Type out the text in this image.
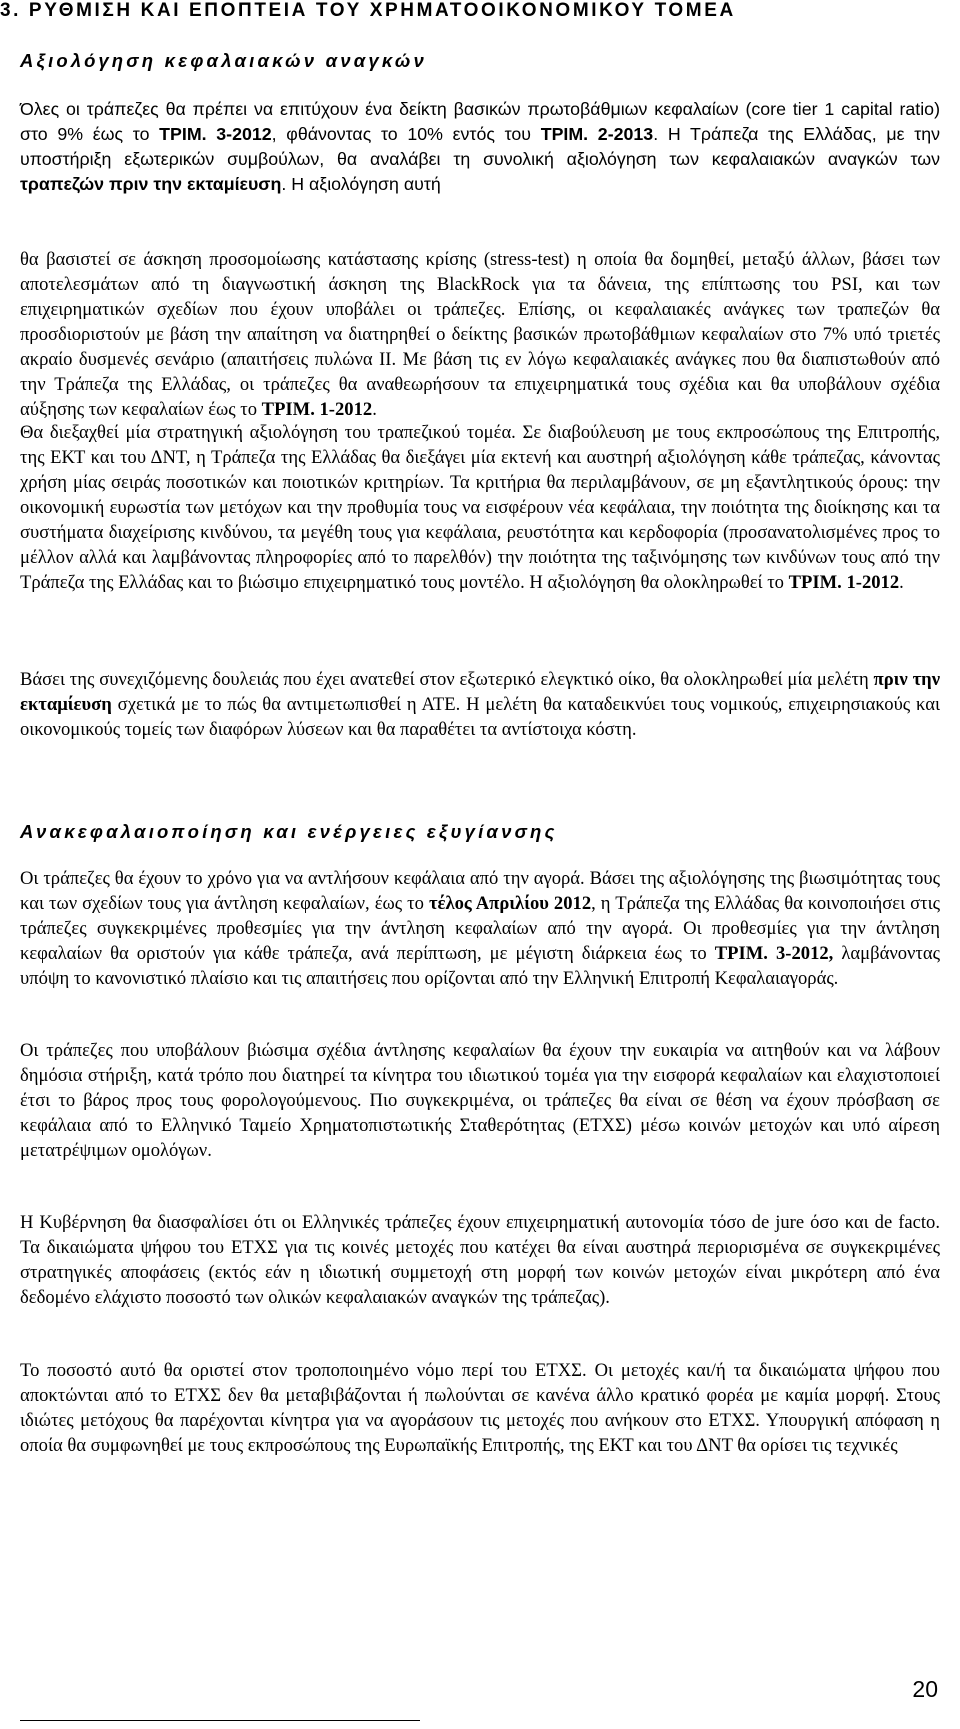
3. ΡΥΘΜΙΣΗ ΚΑΙ ΕΠΟΠΤΕΙΑ ΤΟΥ ΧΡΗΜΑΤΟΟΙΚΟΝΟΜΙΚΟΥ ΤΟΜΕΑ
Αξιολόγηση κεφαλαιακών αναγκών

Όλες οι τράπεζες θα πρέπει να επιτύχουν ένα δείκτη βασικών πρωτοβάθμιων κεφαλαίων (core tier 1 capital ratio) στο 9% έως το ΤΡΙΜ. 3-2012, φθάνοντας το 10% εντός του ΤΡΙΜ. 2-2013. Η Τράπεζα της Ελλάδας, με την υποστήριξη εξωτερικών συμβούλων, θα αναλάβει τη συνολική αξιολόγηση των κεφαλαιακών αναγκών των τραπεζών πριν την εκταμίευση. Η αξιολόγηση αυτή

θα βασιστεί σε άσκηση προσομοίωσης κατάστασης κρίσης (stress-test) η οποία θα δομηθεί, μεταξύ άλλων, βάσει των αποτελεσμάτων από τη διαγνωστική άσκηση της BlackRock για τα δάνεια, της επίπτωσης του PSI, και των επιχειρηματικών σχεδίων που έχουν υποβάλει οι τράπεζες. Επίσης, οι κεφαλαιακές ανάγκες των τραπεζών θα προσδιοριστούν με βάση την απαίτηση να διατηρηθεί ο δείκτης βασικών πρωτοβάθμιων κεφαλαίων στο 7% υπό τριετές ακραίο δυσμενές σενάριο (απαιτήσεις πυλώνα ΙΙ. Με βάση τις εν λόγω κεφαλαιακές ανάγκες που θα διαπιστωθούν από την Τράπεζα της Ελλάδας, οι τράπεζες θα αναθεωρήσουν τα επιχειρηματικά τους σχέδια και θα υποβάλουν σχέδια αύξησης των κεφαλαίων έως το ΤΡΙΜ. 1-2012.

Θα διεξαχθεί μία στρατηγική αξιολόγηση του τραπεζικού τομέα. Σε διαβούλευση με τους εκπροσώπους της Επιτροπής, της ΕΚΤ και του ΔΝΤ, η Τράπεζα της Ελλάδας θα διεξάγει μία εκτενή και αυστηρή αξιολόγηση κάθε τράπεζας, κάνοντας χρήση μίας σειράς ποσοτικών και ποιοτικών κριτηρίων. Τα κριτήρια θα περιλαμβάνουν, σε μη εξαντλητικούς όρους: την οικονομική ευρωστία των μετόχων και την προθυμία τους να εισφέρουν νέα κεφάλαια, την ποιότητα της διοίκησης και τα συστήματα διαχείρισης κινδύνου, τα μεγέθη τους για κεφάλαια, ρευστότητα και κερδοφορία (προσανατολισμένες προς το μέλλον αλλά και λαμβάνοντας πληροφορίες από το παρελθόν) την ποιότητα της ταξινόμησης των κινδύνων τους από την Τράπεζα της Ελλάδας και το βιώσιμο επιχειρηματικό τους μοντέλο. Η αξιολόγηση θα ολοκληρωθεί το ΤΡΙΜ. 1-2012.

Βάσει της συνεχιζόμενης δουλειάς που έχει ανατεθεί στον εξωτερικό ελεγκτικό οίκο, θα ολοκληρωθεί μία μελέτη πριν την εκταμίευση σχετικά με το πώς θα αντιμετωπισθεί η ΑΤΕ. Η μελέτη θα καταδεικνύει τους νομικούς, επιχειρησιακούς και οικονομικούς τομείς των διαφόρων λύσεων και θα παραθέτει τα αντίστοιχα κόστη.

Ανακεφαλαιοποίηση και ενέργειες εξυγίανσης

Οι τράπεζες θα έχουν το χρόνο για να αντλήσουν κεφάλαια από την αγορά. Βάσει της αξιολόγησης της βιωσιμότητας τους και των σχεδίων τους για άντληση κεφαλαίων, έως το τέλος Απριλίου 2012, η Τράπεζα της Ελλάδας θα κοινοποιήσει στις τράπεζες συγκεκριμένες προθεσμίες για την άντληση κεφαλαίων από την αγορά. Οι προθεσμίες για την άντληση κεφαλαίων θα οριστούν για κάθε τράπεζα, ανά περίπτωση, με μέγιστη διάρκεια έως το ΤΡΙΜ. 3-2012, λαμβάνοντας υπόψη το κανονιστικό πλαίσιο και τις απαιτήσεις που ορίζονται από την Ελληνική Επιτροπή Κεφαλαιαγοράς.

Οι τράπεζες που υποβάλουν βιώσιμα σχέδια άντλησης κεφαλαίων θα έχουν την ευκαιρία να αιτηθούν και να λάβουν δημόσια στήριξη, κατά τρόπο που διατηρεί τα κίνητρα του ιδιωτικού τομέα για την εισφορά κεφαλαίων και ελαχιστοποιεί έτσι το βάρος προς τους φορολογούμενους. Πιο συγκεκριμένα, οι τράπεζες θα είναι σε θέση να έχουν πρόσβαση σε κεφάλαια από το Ελληνικό Ταμείο Χρηματοπιστωτικής Σταθερότητας (ΕΤΧΣ) μέσω κοινών μετοχών και υπό αίρεση μετατρέψιμων ομολόγων.

Η Κυβέρνηση θα διασφαλίσει ότι οι Ελληνικές τράπεζες έχουν επιχειρηματική αυτονομία τόσο de jure όσο και de facto. Τα δικαιώματα ψήφου του ΕΤΧΣ για τις κοινές μετοχές που κατέχει θα είναι αυστηρά περιορισμένα σε συγκεκριμένες στρατηγικές αποφάσεις (εκτός εάν η ιδιωτική συμμετοχή στη μορφή των κοινών μετοχών είναι μικρότερη από ένα δεδομένο ελάχιστο ποσοστό των ολικών κεφαλαιακών αναγκών της τράπεζας).

Το ποσοστό αυτό θα οριστεί στον τροποποιημένο νόμο περί του ΕΤΧΣ. Οι μετοχές και/ή τα δικαιώματα ψήφου που αποκτώνται από το ΕΤΧΣ δεν θα μεταβιβάζονται ή πωλούνται σε κανένα άλλο κρατικό φορέα με καμία μορφή. Στους ιδιώτες μετόχους θα παρέχονται κίνητρα για να αγοράσουν τις μετοχές που ανήκουν στο ΕΤΧΣ. Υπουργική απόφαση η οποία θα συμφωνηθεί με τους εκπροσώπους της Ευρωπαϊκής Επιτροπής, της ΕΚΤ και του ΔΝΤ θα ορίσει τις τεχνικές

20
